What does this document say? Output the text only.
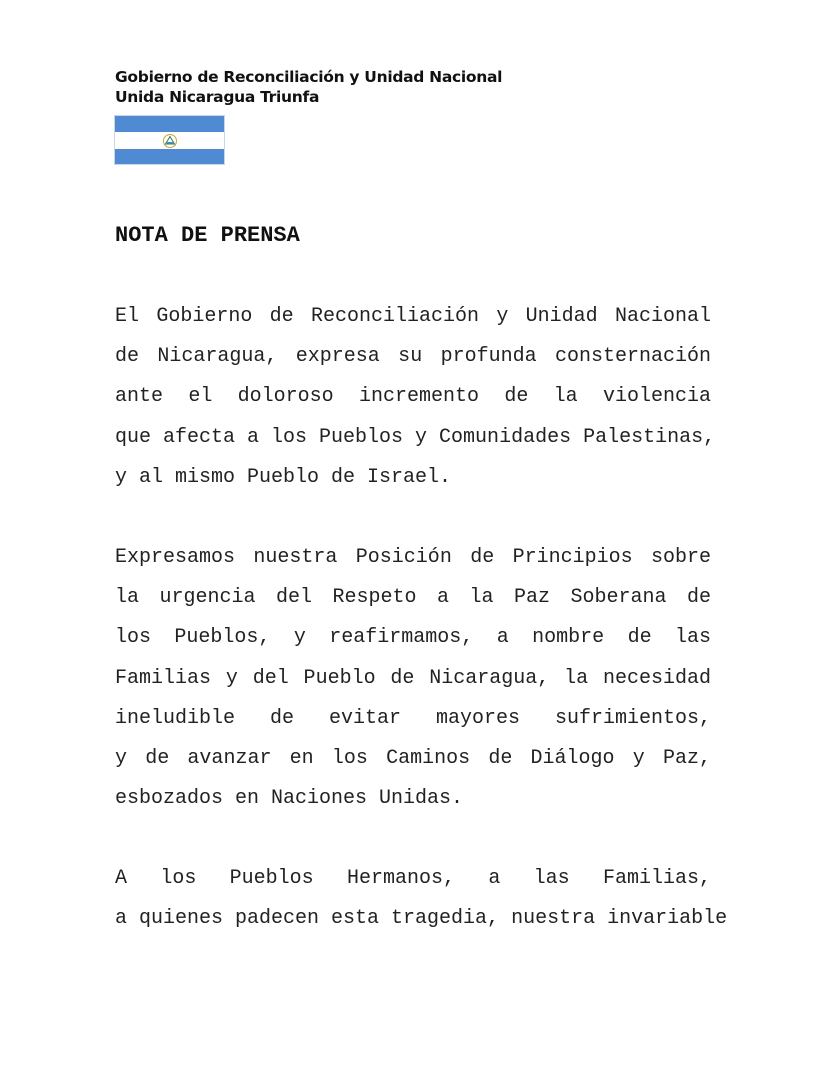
Gobierno de Reconciliación y Unidad Nacional
Unida Nicaragua Triunfa
NOTA DE PRENSA
El Gobierno de Reconciliación y Unidad Nacional
de Nicaragua, expresa su profunda consternación
ante el doloroso incremento de la violencia
que afecta a los Pueblos y Comunidades Palestinas,
y al mismo Pueblo de Israel.
Expresamos nuestra Posición de Principios sobre
la urgencia del Respeto a la Paz Soberana de
los Pueblos, y reafirmamos, a nombre de las
Familias y del Pueblo de Nicaragua, la necesidad
ineludible de evitar mayores sufrimientos,
y de avanzar en los Caminos de Diálogo y Paz,
esbozados en Naciones Unidas.
A los Pueblos Hermanos, a las Familias,
a quienes padecen esta tragedia, nuestra invariable
